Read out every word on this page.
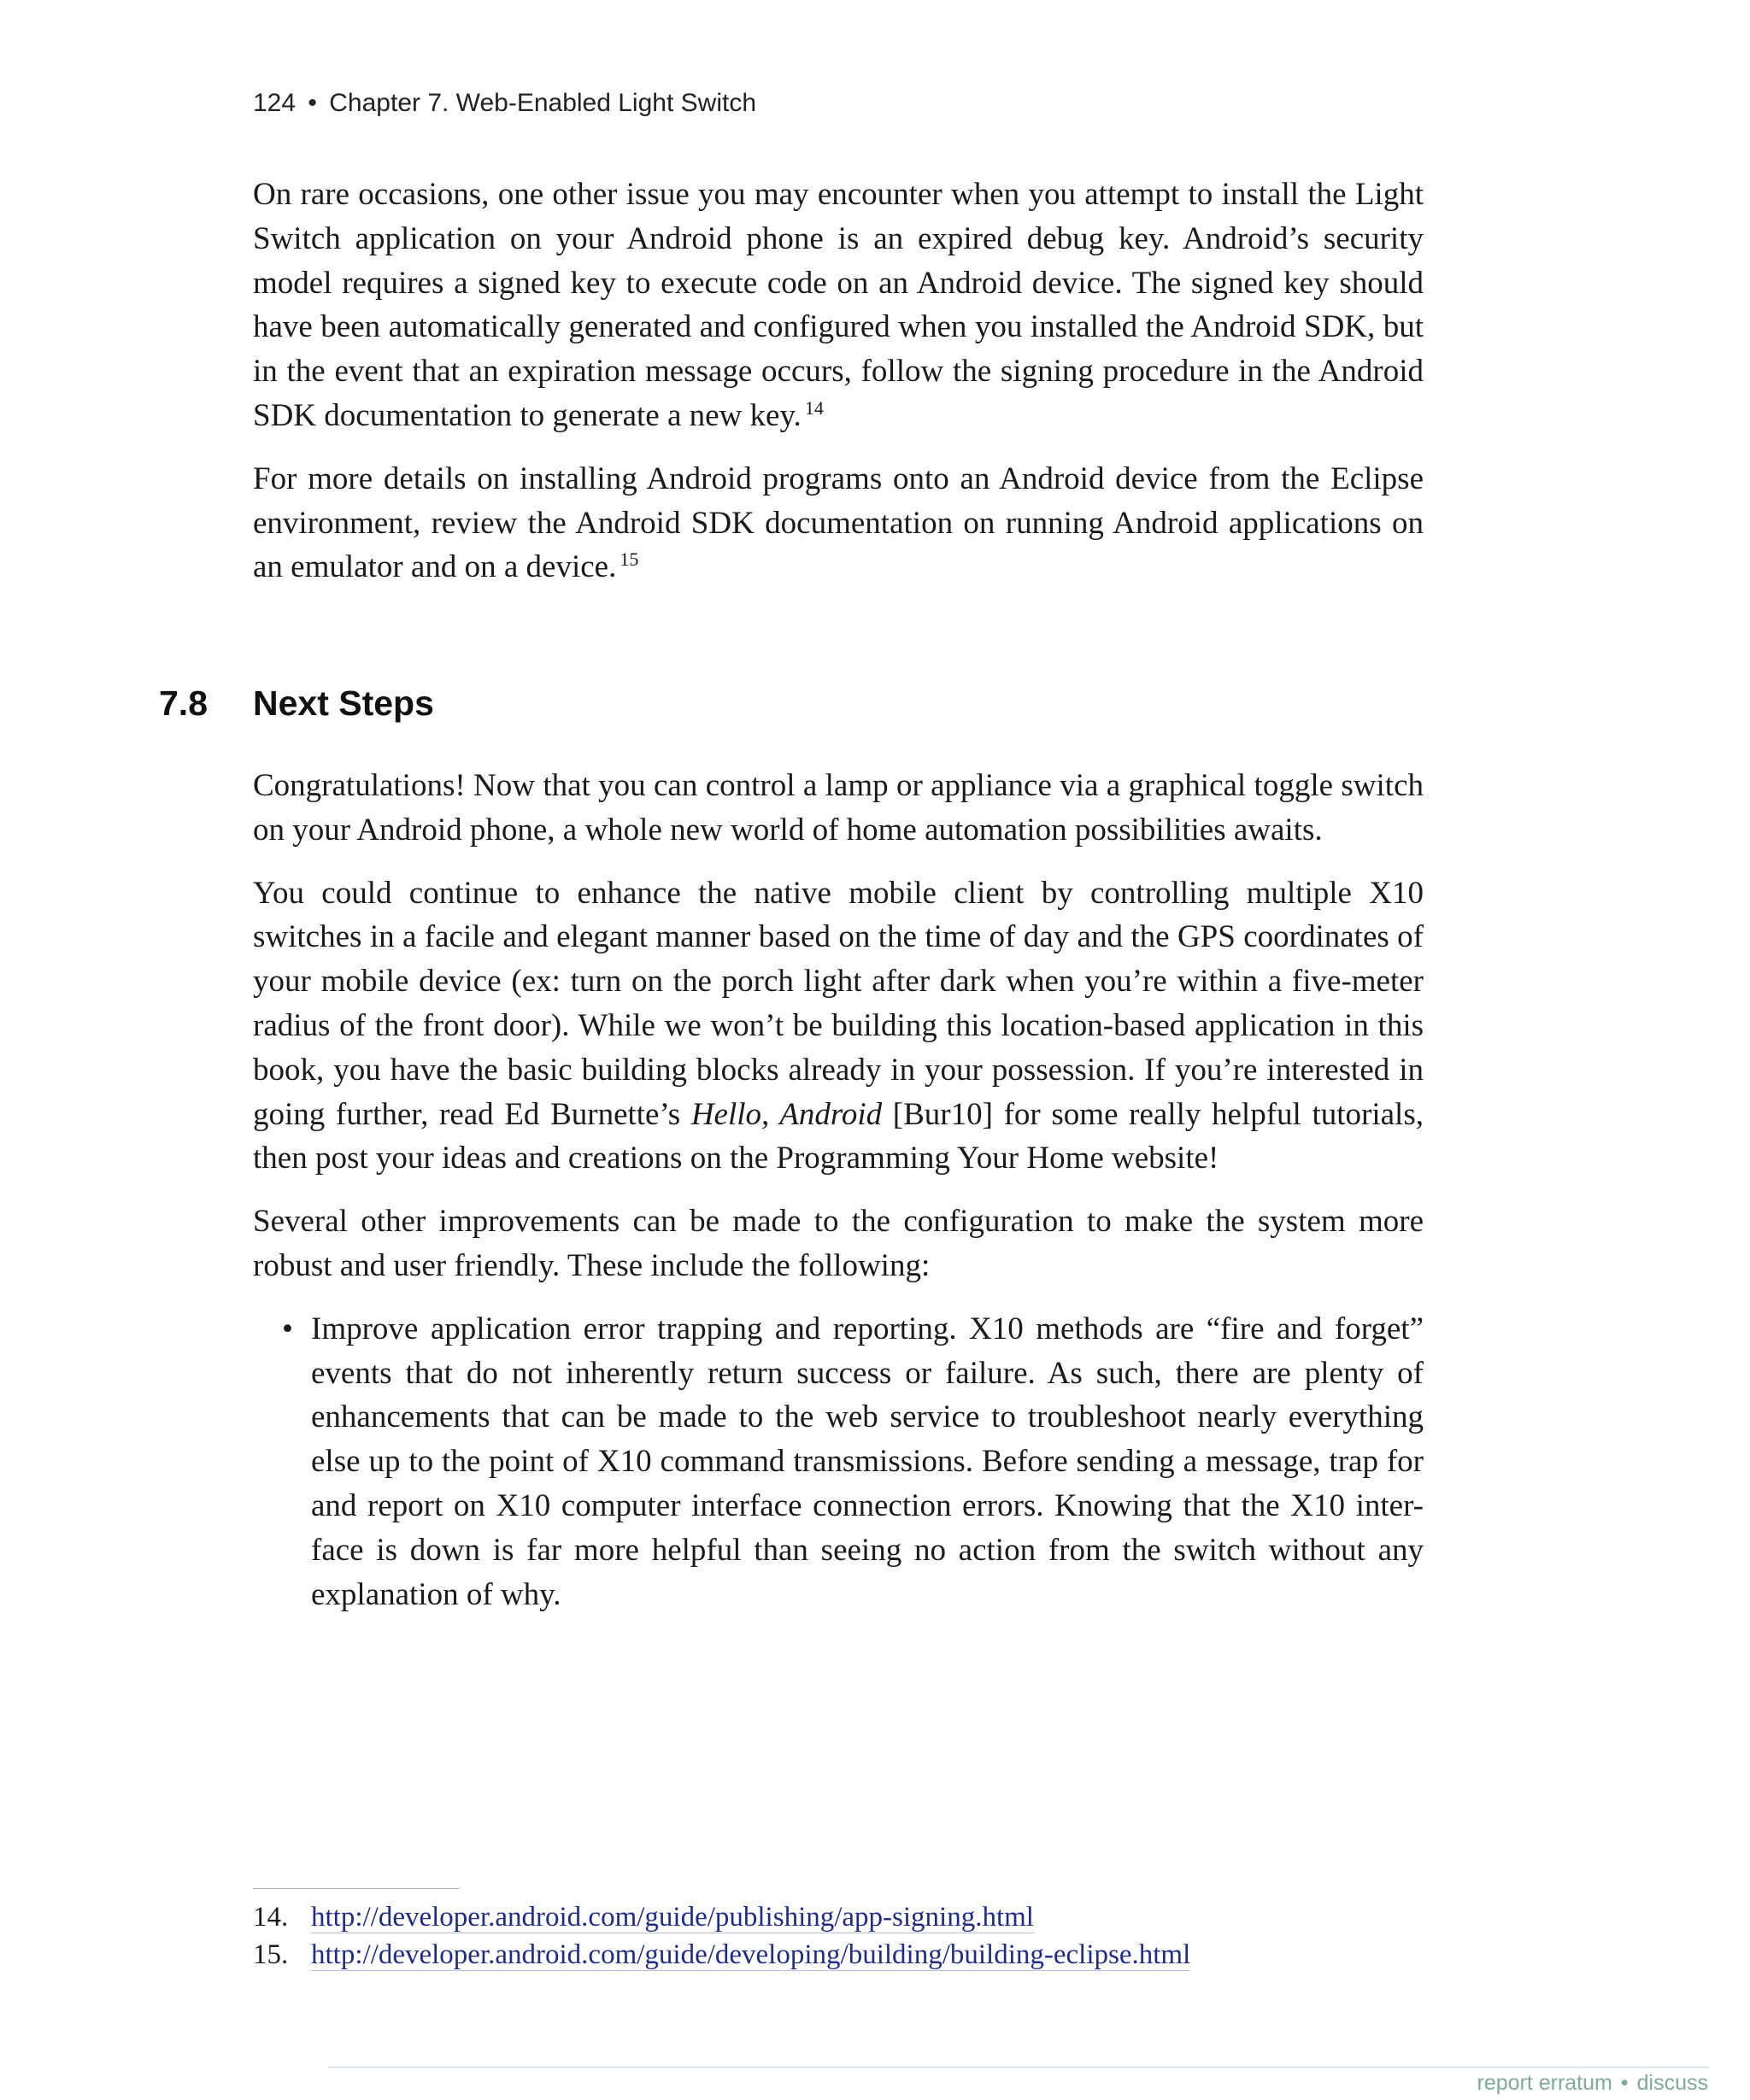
124 • Chapter 7. Web-Enabled Light Switch

On rare occasions, one other issue you may encounter when you attempt to install the Light Switch application on your Android phone is an expired debug key. Android’s security model requires a signed key to execute code on an Android device. The signed key should have been automatically generated and configured when you installed the Android SDK, but in the event that an expiration message occurs, follow the signing procedure in the Android SDK documentation to generate a new key. $^{14}$

For more details on installing Android programs onto an Android device from the Eclipse environment, review the Android SDK documentation on running Android applications on an emulator and on a device. $^{15}$

7.8 Next Steps

Congratulations! Now that you can control a lamp or appliance via a graphical toggle switch on your Android phone, a whole new world of home automation possibilities awaits.

You could continue to enhance the native mobile client by controlling multiple X10 switches in a facile and elegant manner based on the time of day and the GPS coordinates of your mobile device (ex: turn on the porch light after dark when you’re within a five-meter radius of the front door). While we won’t be building this location-based application in this book, you have the basic building blocks already in your possession. If you’re interested in going further, read Ed Burnette’s Hello, Android [Bur10] for some really helpful tutorials, then post your ideas and creations on the Programming Your Home website!

Several other improvements can be made to the configuration to make the system more robust and user friendly. These include the following:

• Improve application error trapping and reporting. X10 methods are “fire and forget” events that do not inherently return success or failure. As such, there are plenty of enhancements that can be made to the web service to troubleshoot nearly everything else up to the point of X10 command transmissions. Before sending a message, trap for and report on X10 computer interface connection errors. Knowing that the X10 inter-face is down is far more helpful than seeing no action from the switch without any explanation of why.
14. http://developer.android.com/guide/publishing/app-signing.html
15. http://developer.android.com/guide/developing/building/building-eclipse.html
report erratum • discuss
